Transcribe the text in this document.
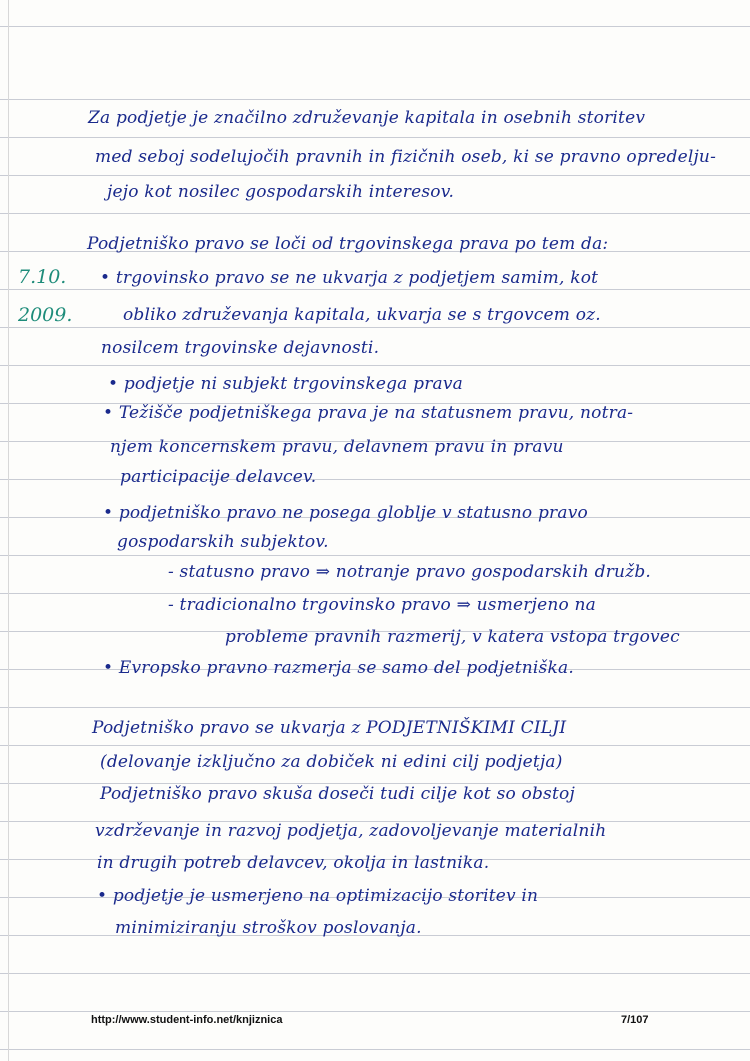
Za podjetje je značilno združevanje kapitala in osebnih storitev
med seboj sodelujočih pravnih in fizičnih oseb, ki se pravno opredelju-
jejo kot nosilec gospodarskih interesov.
Podjetniško pravo se loči od trgovinskega prava po tem da:
7.10.
2009.
• trgovinsko pravo se ne ukvarja z podjetjem samim, kot
obliko združevanja kapitala, ukvarja se s trgovcem oz.
nosilcem trgovinske dejavnosti.
• podjetje ni subjekt trgovinskega prava
• Težišče podjetniškega prava je na statusnem pravu, notra-
njem koncernskem pravu, delavnem pravu in pravu
participacije delavcev.
• podjetniško pravo ne posega globlje v statusno pravo
gospodarskih subjektov.
- statusno pravo ⇒ notranje pravo gospodarskih družb.
- tradicionalno trgovinsko pravo ⇒ usmerjeno na
probleme pravnih razmerij, v katera vstopa trgovec
• Evropsko pravno razmerja se samo del podjetniška.
Podjetniško pravo se ukvarja z PODJETNIŠKIMI CILJI
(delovanje izključno za dobiček ni edini cilj podjetja)
Podjetniško pravo skuša doseči tudi cilje kot so obstoj
vzdrževanje in razvoj podjetja, zadovoljevanje materialnih
in drugih potreb delavcev, okolja in lastnika.
• podjetje je usmerjeno na optimizacijo storitev in
minimiziranju stroškov poslovanja.
http://www.student-info.net/knjiznica	7/107
